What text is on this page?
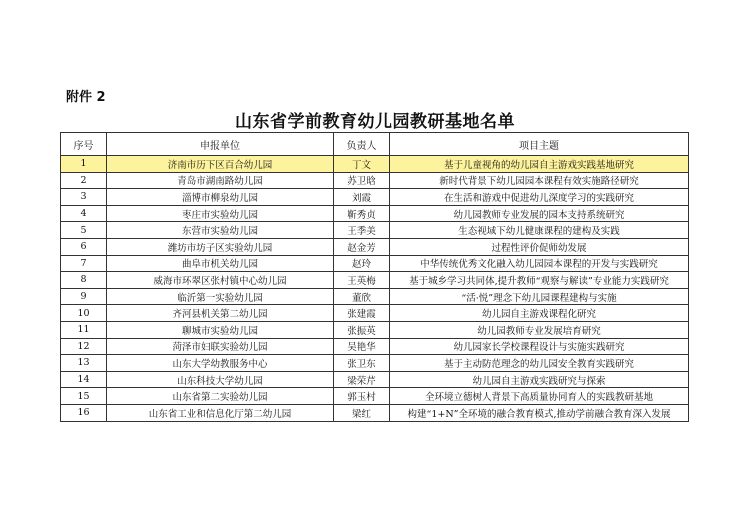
附件 2
山东省学前教育幼儿园教研基地名单
序号	申报单位	负责人	项目主题
1	济南市历下区百合幼儿园	丁文	基于儿童视角的幼儿园自主游戏实践基地研究
2	青岛市湖南路幼儿园	苏卫晗	新时代背景下幼儿园园本课程有效实施路径研究
3	淄博市柳泉幼儿园	刘霞	在生活和游戏中促进幼儿深度学习的实践研究
4	枣庄市实验幼儿园	靳秀贞	幼儿园教师专业发展的园本支持系统研究
5	东营市实验幼儿园	王季美	生态视域下幼儿健康课程的建构及实践
6	潍坊市坊子区实验幼儿园	赵金芳	过程性评价促师幼发展
7	曲阜市机关幼儿园	赵玲	中华传统优秀文化融入幼儿园园本课程的开发与实践研究
8	威海市环翠区张村镇中心幼儿园	王英梅	基于城乡学习共同体,提升教师“观察与解读”专业能力实践研究
9	临沂第一实验幼儿园	董欣	“活·悦”理念下幼儿园课程建构与实施
10	齐河县机关第二幼儿园	张建霞	幼儿园自主游戏课程化研究
11	聊城市实验幼儿园	张振英	幼儿园教师专业发展培育研究
12	菏泽市妇联实验幼儿园	吴艳华	幼儿园家长学校课程设计与实施实践研究
13	山东大学幼教服务中心	张卫东	基于主动防范理念的幼儿园安全教育实践研究
14	山东科技大学幼儿园	梁荣芹	幼儿园自主游戏实践研究与探索
15	山东省第二实验幼儿园	郭玉村	全环境立德树人背景下高质量协同育人的实践教研基地
16	山东省工业和信息化厅第二幼儿园	梁红	构建“1+N”全环境的融合教育模式,推动学前融合教育深入发展
